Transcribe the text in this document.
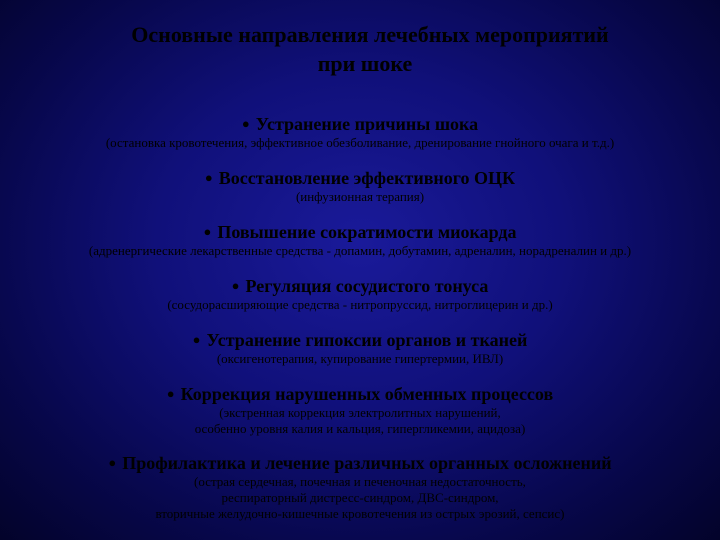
Основные направления лечебных мероприятий
при шоке
● Устранение причины шока
(остановка кровотечения, эффективное обезболивание, дренирование гнойного очага и т.д.)
● Восстановление эффективного ОЦК
(инфузионная терапия)
● Повышение сократимости миокарда
(адренергические лекарственные средства - допамин, добутамин, адреналин, норадреналин и др.)
● Регуляция сосудистого тонуса
(сосудорасширяющие средства - нитропруссид, нитроглицерин и др.)
● Устранение гипоксии органов и тканей
(оксигенотерапия, купирование гипертермии, ИВЛ)
● Коррекция нарушенных обменных процессов
(экстренная коррекция электролитных нарушений,
особенно уровня калия и кальция, гипергликемии, ацидоза)
● Профилактика и лечение различных органных осложнений
(острая сердечная, почечная и печеночная недостаточность,
респираторный дистресс-синдром, ДВС-синдром,
вторичные желудочно-кишечные кровотечения из острых эрозий, сепсис)
